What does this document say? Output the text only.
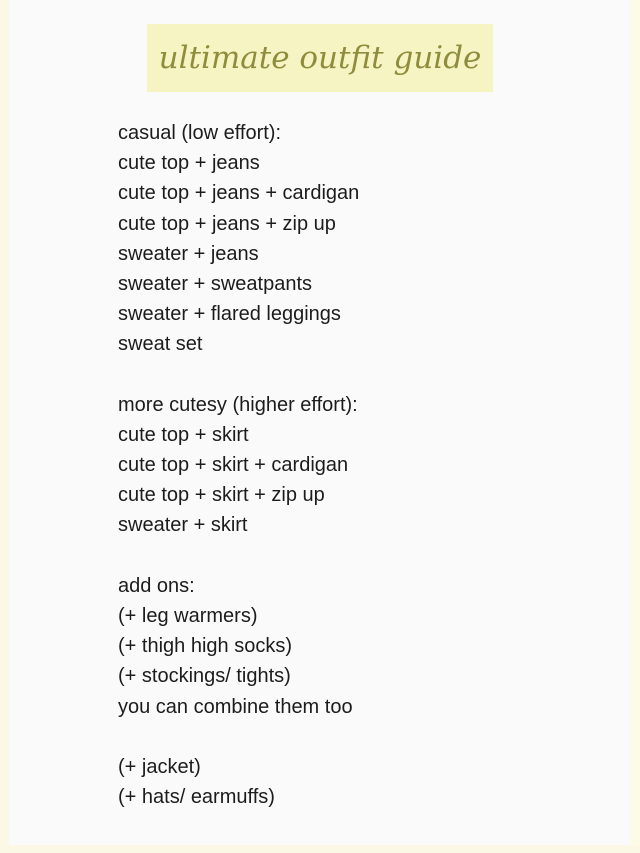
ultimate outfit guide
casual (low effort):
cute top + jeans
cute top + jeans + cardigan
cute top + jeans + zip up
sweater + jeans
sweater + sweatpants
sweater + flared leggings
sweat set
more cutesy (higher effort):
cute top + skirt
cute top + skirt + cardigan
cute top + skirt + zip up
sweater + skirt
add ons:
(+ leg warmers)
(+ thigh high socks)
(+ stockings/ tights)
you can combine them too
(+ jacket)
(+ hats/ earmuffs)
